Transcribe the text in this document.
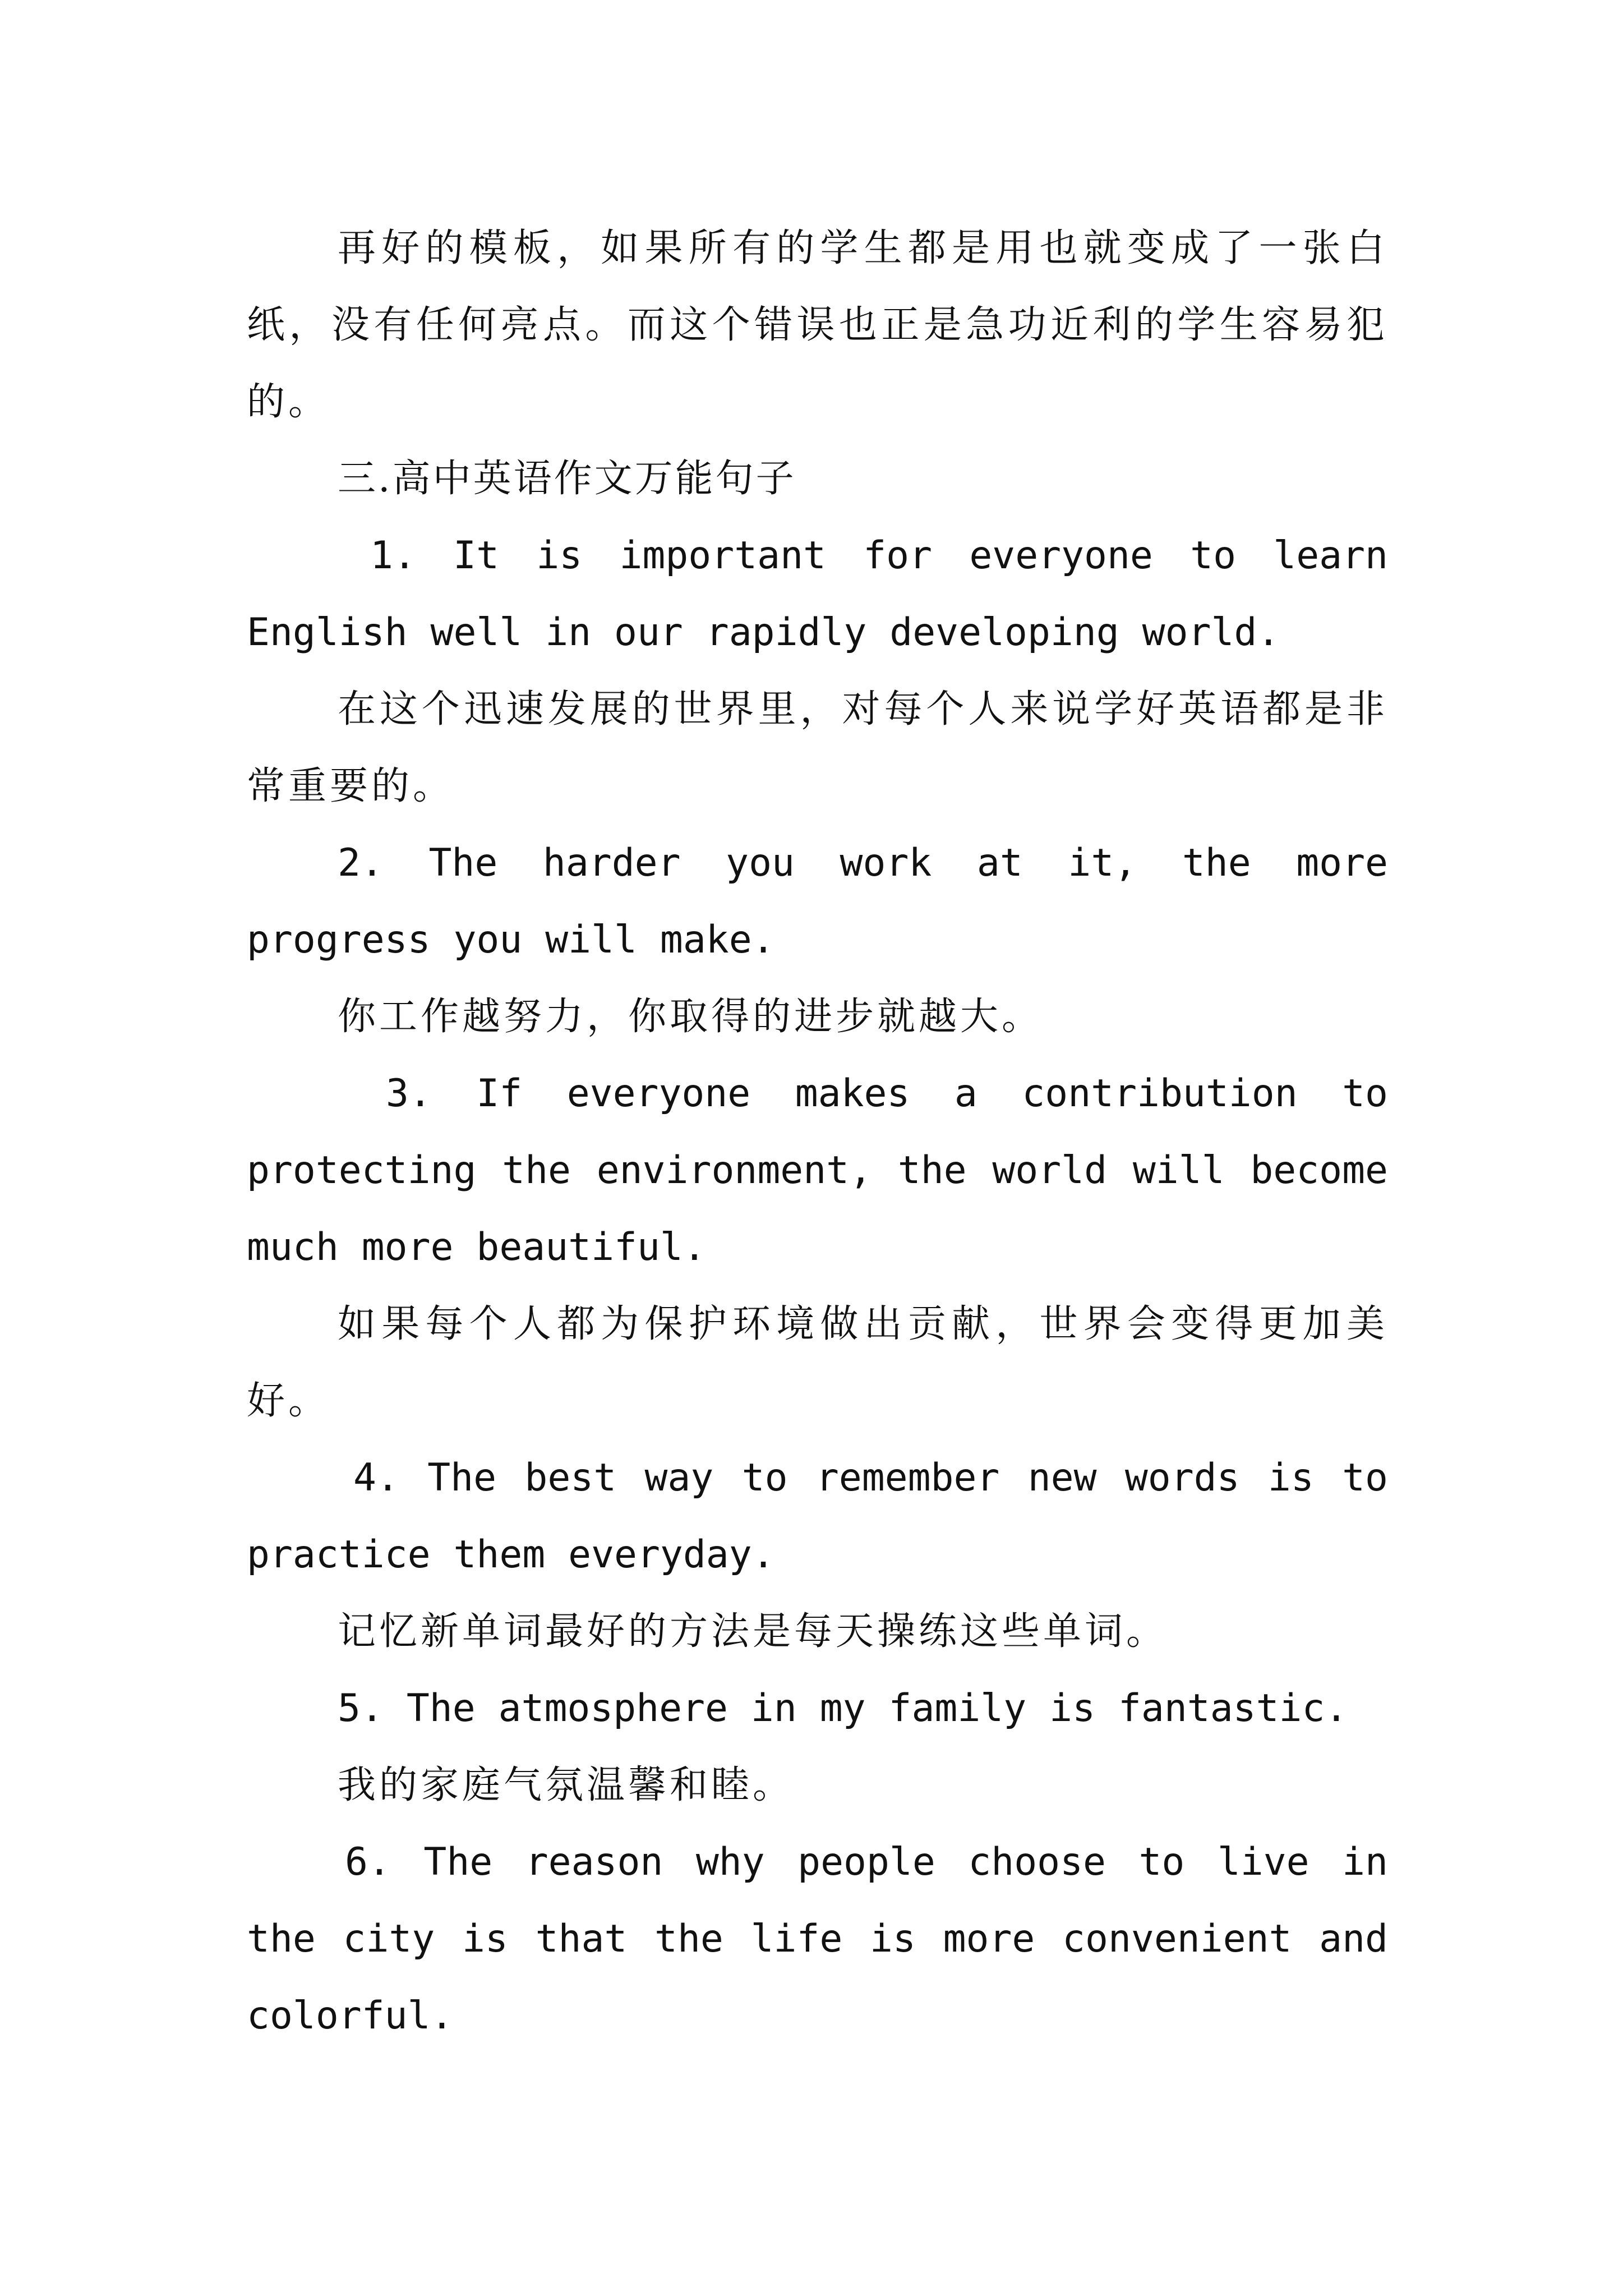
再好的模板，如果所有的学生都是用也就变成了一张白纸，没有任何亮点。而这个错误也正是急功近利的学生容易犯的。

三.高中英语作文万能句子

1. It is important for everyone to learn English well in our rapidly developing world.

在这个迅速发展的世界里，对每个人来说学好英语都是非常重要的。

2. The harder you work at it, the more progress you will make.

你工作越努力，你取得的进步就越大。

3. If everyone makes a contribution to protecting the environment, the world will become much more beautiful.

如果每个人都为保护环境做出贡献，世界会变得更加美好。

4. The best way to remember new words is to practice them everyday.

记忆新单词最好的方法是每天操练这些单词。

5. The atmosphere in my family is fantastic.

我的家庭气氛温馨和睦。

6. The reason why people choose to live in the city is that the life is more convenient and colorful.
